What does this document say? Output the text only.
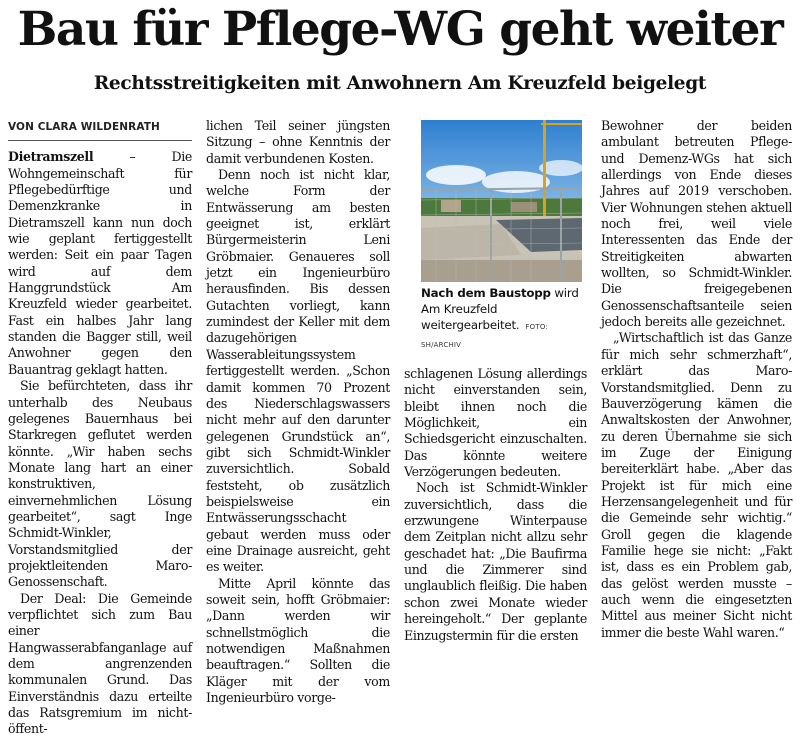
Bau für Pflege-WG geht weiter
Rechtsstreitigkeiten mit Anwohnern Am Kreuzfeld beigelegt
VON CLARA WILDENRATH

Dietramszell – Die Wohngemeinschaft für Pflegebedürftige und Demenzkranke in Dietramszell kann nun doch wie geplant fertiggestellt werden: Seit ein paar Tagen wird auf dem Hanggrundstück Am Kreuzfeld wieder gearbeitet. Fast ein halbes Jahr lang standen die Bagger still, weil Anwohner gegen den Bauantrag geklagt hatten.

Sie befürchteten, dass ihr unterhalb des Neubaus gelegenes Bauernhaus bei Starkregen geflutet werden könnte. „Wir haben sechs Monate lang hart an einer konstruktiven, einvernehmlichen Lösung gearbeitet“, sagt Inge Schmidt-Winkler, Vorstandsmitglied der projektleitenden Maro-Genossenschaft.

Der Deal: Die Gemeinde verpflichtet sich zum Bau einer Hangwasserabfanganlage auf dem angrenzenden kommunalen Grund. Das Einverständnis dazu erteilte das Ratsgremium im nicht-öffent-

lichen Teil seiner jüngsten Sitzung – ohne Kenntnis der damit verbundenen Kosten.

Denn noch ist nicht klar, welche Form der Entwässerung am besten geeignet ist, erklärt Bürgermeisterin Leni Gröbmaier. Genaueres soll jetzt ein Ingenieurbüro herausfinden. Bis dessen Gutachten vorliegt, kann zumindest der Keller mit dem dazugehörigen Wasserableitungssystem fertiggestellt werden. „Schon damit kommen 70 Prozent des Niederschlagswassers nicht mehr auf den darunter gelegenen Grundstück an“, gibt sich Schmidt-Winkler zuversichtlich. Sobald feststeht, ob zusätzlich beispielsweise ein Entwässerungsschacht gebaut werden muss oder eine Drainage ausreicht, geht es weiter.

Mitte April könnte das soweit sein, hofft Gröbmaier: „Dann werden wir schnellstmöglich die notwendigen Maßnahmen beauftragen.“ Sollten die Kläger mit der vom Ingenieurbüro vorge-

Nach dem Baustopp wird Am Kreuzfeld weitergearbeitet. FOTO: SH/ARCHIV

schlagenen Lösung allerdings nicht einverstanden sein, bleibt ihnen noch die Möglichkeit, ein Schiedsgericht einzuschalten. Das könnte weitere Verzögerungen bedeuten.

Noch ist Schmidt-Winkler zuversichtlich, dass die erzwungene Winterpause dem Zeitplan nicht allzu sehr geschadet hat: „Die Baufirma und die Zimmerer sind unglaublich fleißig. Die haben schon zwei Monate wieder hereingeholt.“ Der geplante Einzugstermin für die ersten

Bewohner der beiden ambulant betreuten Pflege- und Demenz-WGs hat sich allerdings von Ende dieses Jahres auf 2019 verschoben. Vier Wohnungen stehen aktuell noch frei, weil viele Interessenten das Ende der Streitigkeiten abwarten wollten, so Schmidt-Winkler. Die freigegebenen Genossenschaftsanteile seien jedoch bereits alle gezeichnet.

„Wirtschaftlich ist das Ganze für mich sehr schmerzhaft“, erklärt das Maro-Vorstandsmitglied. Denn zu Bauverzögerung kämen die Anwaltskosten der Anwohner, zu deren Übernahme sie sich im Zuge der Einigung bereiterklärt habe. „Aber das Projekt ist für mich eine Herzensangelegenheit und für die Gemeinde sehr wichtig.“ Groll gegen die klagende Familie hege sie nicht: „Fakt ist, dass es ein Problem gab, das gelöst werden musste – auch wenn die eingesetzten Mittel aus meiner Sicht nicht immer die beste Wahl waren.“
